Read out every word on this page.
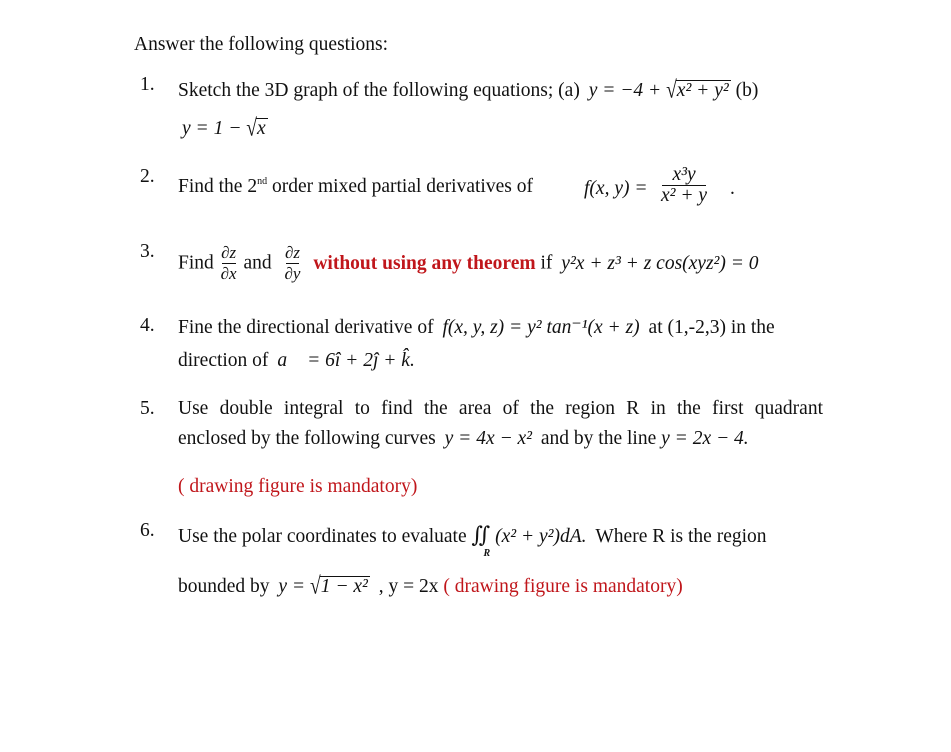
Answer the following questions:
1. Sketch the 3D graph of the following equations; (a) y = −4 + √x² + y² (b)
y = 1 − √x
2. Find the 2nd order mixed partial derivatives of	f(x, $y) = \frac{\text{x³y}}{\text{x² + y}}$ .
3.
Find $\frac{\partial z}{\partial x}$ and $\frac{\partial z}{\partial y}$ without using any theorem if y²x + z³ + z cos(xyz²) = 0
4. Fine the directional derivative of f(x, y, z) = y² tan⁻¹(x + z) at (1,-2,3) in the
direction of a⃗ = 6î + 2ĵ + k̂.
5. Use double integral to find the area of the region R in the first quadrant
enclosed by the following curves y = 4x − x² and by the line y = 2x − 4.
( drawing figure is mandatory)
6. Use the polar coordinates to evaluate ∬
R
(x² + y²)dA. Where R is the region
bounded by y = √1 − x² , y = 2x ( drawing figure is mandatory)
